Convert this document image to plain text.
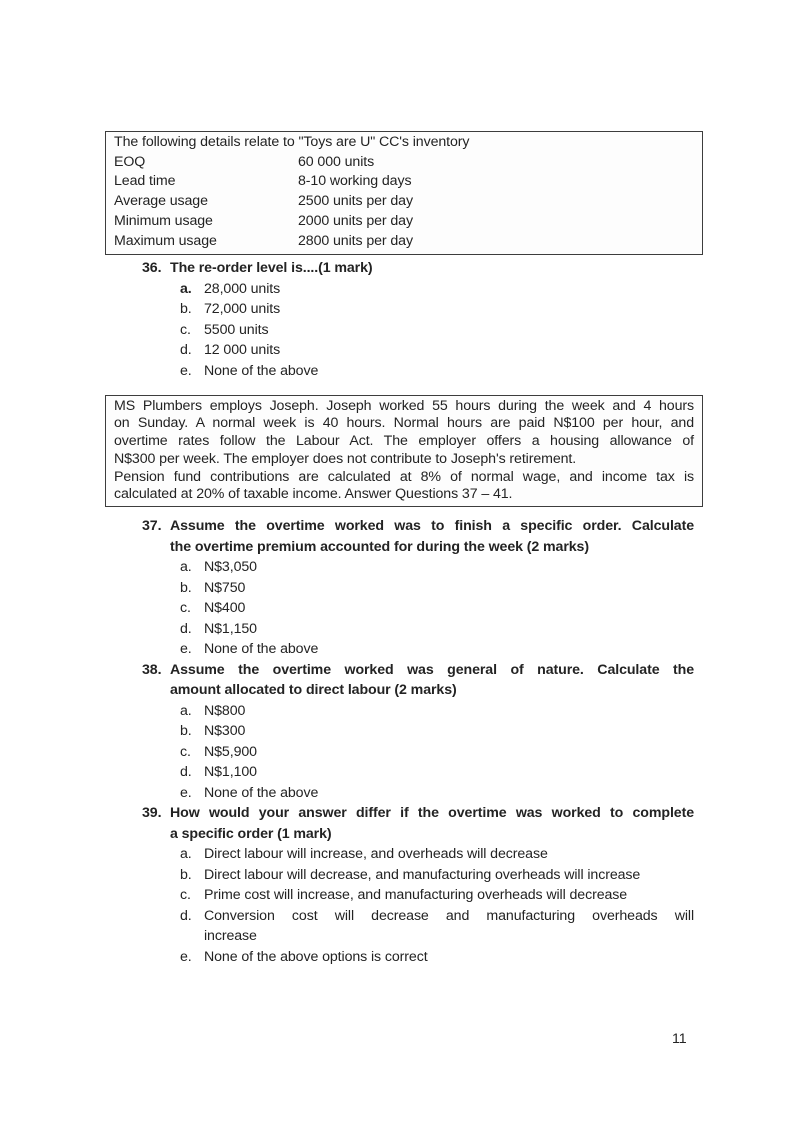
The following details relate to "Toys are U" CC's inventory
EOQ	60 000 units
Lead time	8-10 working days
Average usage	2500 units per day
Minimum usage	2000 units per day
Maximum usage	2800 units per day
36. The re-order level is....(1 mark)
a. 28,000 units
b. 72,000 units
c. 5500 units
d. 12 000 units
e. None of the above
MS Plumbers employs Joseph. Joseph worked 55 hours during the week and 4 hours
on Sunday. A normal week is 40 hours. Normal hours are paid N$100 per hour, and
overtime rates follow the Labour Act. The employer offers a housing allowance of
N$300 per week. The employer does not contribute to Joseph's retirement.
Pension fund contributions are calculated at 8% of normal wage, and income tax is
calculated at 20% of taxable income. Answer Questions 37 – 41.
37. Assume the overtime worked was to finish a specific order. Calculate
the overtime premium accounted for during the week (2 marks)
a. N$3,050
b. N$750
c. N$400
d. N$1,150
e. None of the above
38. Assume the overtime worked was general of nature. Calculate the
amount allocated to direct labour (2 marks)
a. N$800
b. N$300
c. N$5,900
d. N$1,100
e. None of the above
39. How would your answer differ if the overtime was worked to complete
a specific order (1 mark)
a. Direct labour will increase, and overheads will decrease
b. Direct labour will decrease, and manufacturing overheads will increase
c. Prime cost will increase, and manufacturing overheads will decrease
d. Conversion cost will decrease and manufacturing overheads will
increase
e. None of the above options is correct
11
